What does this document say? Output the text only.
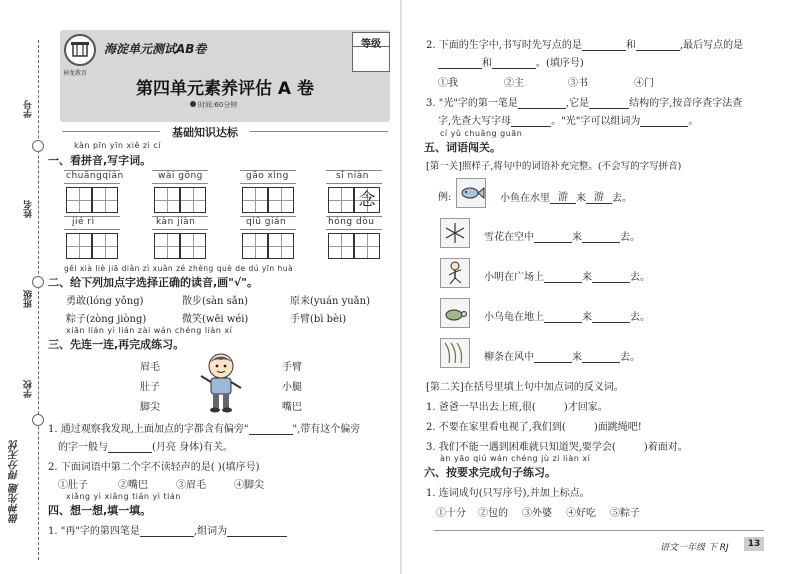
学号
姓名
班级
学校
做神先题 得分无忧
神龙教育
海淀单元测试AB卷	等级
第四单元素养评估 A 卷
时间:60分钟
基础知识达标
kàn pīn yīn xiě zì cí
一、看拼音,写字词。
chuāngqián	wài gōng	gāo xìng	sī niàn
念
jié rì	kàn jiàn	qiū gián	hóng dòu
gěi xià liè jiā diǎn zì xuǎn zé zhèng què de dú yīn huà
二、给下列加点字选择正确的读音,画"√"。
勇敢(lóng yǒng)	散步(sàn sǎn)	原来(yuán yuǎn)
粽子(zòng jiòng)	微笑(wēi wéi)	手臂(bì bèi)
xiān lián yì lián zài wán chéng liàn xí
三、先连一连,再完成练习。
眉毛
肚子
脚尖
手臂
小腿
嘴巴
1. 通过观察我发现,上面加点的字都含有偏旁"	",带有这个偏旁
的字一般与	(月亮 身体)有关。
2. 下面词语中第二个字不读轻声的是( )(填序号)
①肚子	②嘴巴	③眉毛	④脚尖
xiǎng yì xiǎng tián yì tián
四、想一想,填一填。
1. "再"字的第四笔是	,组词为
2. 下面的生字中,书写时先写点的是	和	,最后写点的是
和	。(填序号)
①我	②主	③书	④门
3. "光"字的第一笔是	,它是	结构的字,按音序查字法查
字,先查大写字母	。"光"字可以组词为	。
cí yǔ chuǎng guān
五、词语闯关。
[第一关]照样子,将句中的词语补充完整。(不会写的字写拼音)
例:	小鱼在水里 游 来 游 去。
雪花在空中	来	去。
小明在广场上	来	去。
小乌龟在地上	来	去。
柳条在风中	来	去。
[第二关]在括号里填上句中加点词的反义词。
1. 爸爸一早出去上班,很(	)才回家。
2. 不要在家里看电视了,我们到(	)面跳绳吧!
3. 我们不能一遇到困难就只知道哭,要学会(	)着面对。
àn yāo qiú wán chéng jù zi liàn xí
六、按要求完成句子练习。
1. 连词成句(只写序号),并加上标点。
①十分 ②包的 ③外婆 ④好吃 ⑤粽子
语文一年级 下 RJ	13
